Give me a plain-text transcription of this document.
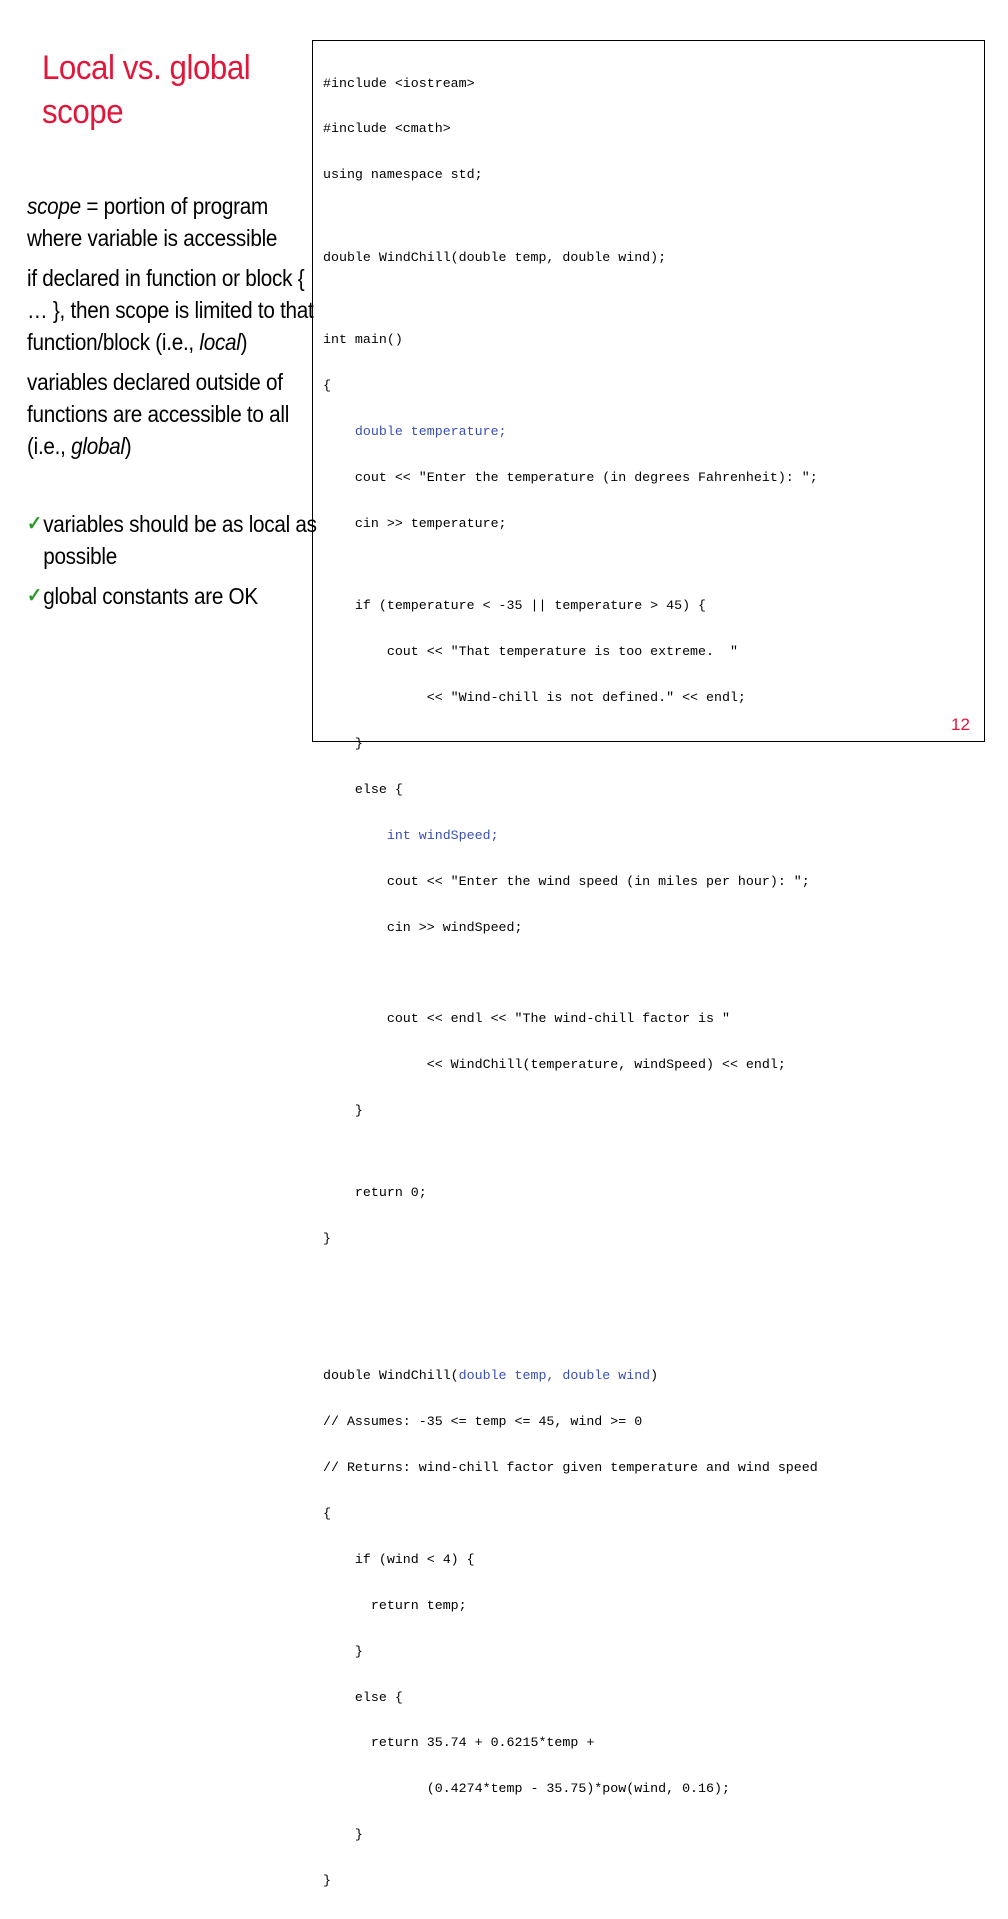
Local vs. global
scope

scope = portion of program where variable is accessible

if declared in function or block { … }, then scope is limited to that function/block (i.e., local)

variables declared outside of functions are accessible to all (i.e., global)

✓ variables should be as local as possible

✓ global constants are OK

#include <iostream>

#include <cmath>

using namespace std;

double WindChill(double temp, double wind);

int main()

{

double temperature;

cout << "Enter the temperature (in degrees Fahrenheit): ";

cin >> temperature;

if (temperature < -35 || temperature > 45) {

cout << "That temperature is too extreme.  "

<< "Wind-chill is not defined." << endl;

}

else {

int windSpeed;

cout << "Enter the wind speed (in miles per hour): ";

cin >> windSpeed;

cout << endl << "The wind-chill factor is "

<< WindChill(temperature, windSpeed) << endl;

}

return 0;

}

double WindChill(double temp, double wind)

// Assumes: -35 <= temp <= 45, wind >= 0

// Returns: wind-chill factor given temperature and wind speed

{

if (wind < 4) {

return temp;

}

else {

return 35.74 + 0.6215*temp +

(0.4274*temp - 35.75)*pow(wind, 0.16);

}

}

12
